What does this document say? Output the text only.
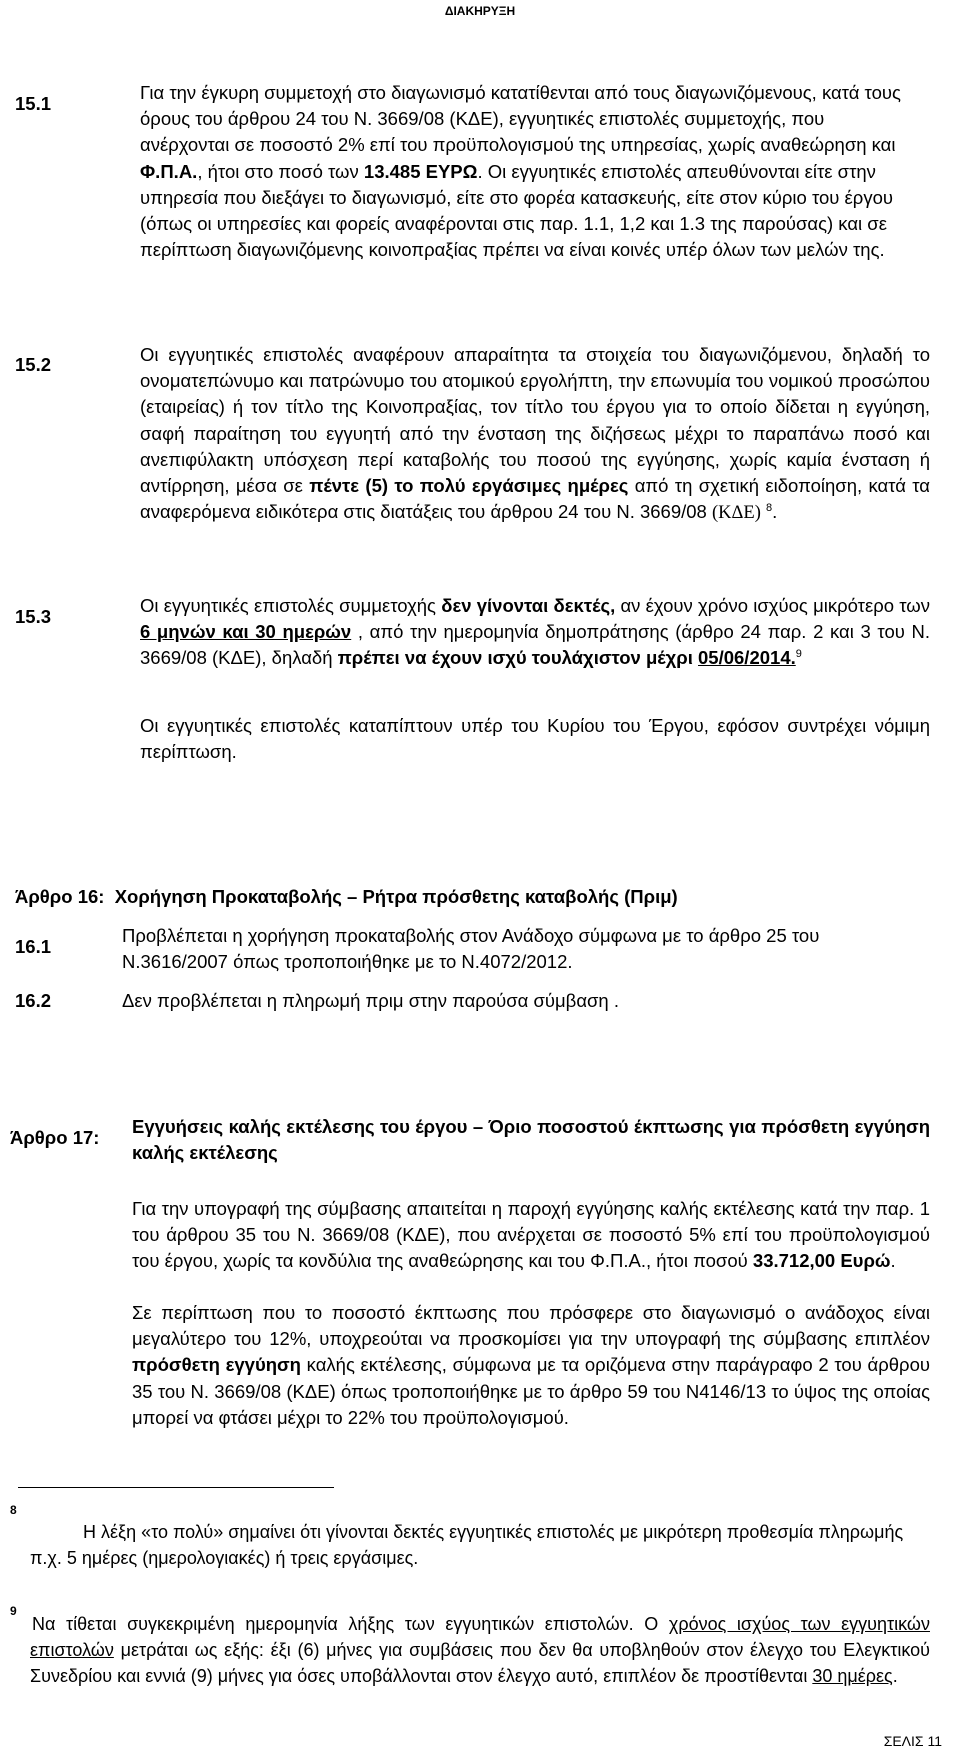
ΔΙΑΚΗΡΥΞΗ
15.1
Για την έγκυρη συμμετοχή στο διαγωνισμό κατατίθενται από τους διαγωνιζόμενους, κατά τους όρους του άρθρου 24 του Ν. 3669/08 (ΚΔΕ), εγγυητικές επιστολές συμμετοχής, που ανέρχονται σε ποσοστό 2% επί του προϋπολογισμού της υπηρεσίας, χωρίς αναθεώρηση και Φ.Π.Α., ήτοι στο ποσό των 13.485 ΕΥΡΩ. Οι εγγυητικές επιστολές απευθύνονται είτε στην υπηρεσία που διεξάγει το διαγωνισμό, είτε στο φορέα κατασκευής, είτε στον κύριο του έργου (όπως οι υπηρεσίες και φορείς αναφέρονται στις παρ. 1.1, 1,2 και 1.3 της παρούσας) και σε περίπτωση διαγωνιζόμενης κοινοπραξίας πρέπει να είναι κοινές υπέρ όλων των μελών της.
15.2	Οι εγγυητικές επιστολές αναφέρουν απαραίτητα τα στοιχεία του διαγωνιζόμενου, δηλαδή το ονοματεπώνυμο και πατρώνυμο του ατομικού εργολήπτη, την επωνυμία του νομικού προσώπου (εταιρείας) ή τον τίτλο της Κοινοπραξίας, τον τίτλο του έργου για το οποίο δίδεται η εγγύηση, σαφή παραίτηση του εγγυητή από την ένσταση της διζήσεως μέχρι το παραπάνω ποσό και ανεπιφύλακτη υπόσχεση περί καταβολής του ποσού της εγγύησης, χωρίς καμία ένσταση ή αντίρρηση, μέσα σε πέντε (5) το πολύ εργάσιμες ημέρες από τη σχετική ειδοποίηση, κατά τα αναφερόμενα ειδικότερα στις διατάξεις του άρθρου 24 του Ν. 3669/08 (ΚΔΕ) $^8$.
15.3
Οι εγγυητικές επιστολές συμμετοχής δεν γίνονται δεκτές, αν έχουν χρόνο ισχύος μικρότερο των 6 μηνών και 30 ημερών , από την ημερομηνία δημοπράτησης (άρθρο 24 παρ. 2 και 3 του Ν. 3669/08 (ΚΔΕ), δηλαδή πρέπει να έχουν ισχύ τουλάχιστον μέχρι 05/06/2014.$^9$
Οι εγγυητικές επιστολές καταπίπτουν υπέρ του Κυρίου του Έργου, εφόσον συντρέχει νόμιμη περίπτωση.
Άρθρο 16: Χορήγηση Προκαταβολής – Ρήτρα πρόσθετης καταβολής (Πριμ)
16.1
Προβλέπεται η χορήγηση προκαταβολής στον Ανάδοχο σύμφωνα με το άρθρο 25 του Ν.3616/2007 όπως τροποποιήθηκε με το Ν.4072/2012.
16.2	Δεν προβλέπεται η πληρωμή πριμ στην παρούσα σύμβαση .
Άρθρο 17:
Εγγυήσεις καλής εκτέλεσης του έργου – Όριο ποσοστού έκπτωσης για πρόσθετη εγγύηση καλής εκτέλεσης
Για την υπογραφή της σύμβασης απαιτείται η παροχή εγγύησης καλής εκτέλεσης κατά την παρ. 1 του άρθρου 35 του Ν. 3669/08 (ΚΔΕ), που ανέρχεται σε ποσοστό 5% επί του προϋπολογισμού του έργου, χωρίς τα κονδύλια της αναθεώρησης και του Φ.Π.Α., ήτοι ποσού 33.712,00 Ευρώ.
Σε περίπτωση που το ποσοστό έκπτωσης που πρόσφερε στο διαγωνισμό ο ανάδοχος είναι μεγαλύτερο του 12%, υποχρεούται να προσκομίσει για την υπογραφή της σύμβασης επιπλέον πρόσθετη εγγύηση καλής εκτέλεσης, σύμφωνα με τα οριζόμενα στην παράγραφο 2 του άρθρου 35 του Ν. 3669/08 (ΚΔΕ) όπως τροποποιήθηκε με το άρθρο 59 του Ν4146/13 το ύψος της οποίας μπορεί να φτάσει μέχρι το 22% του προϋπολογισμού.
8
Η λέξη «το πολύ» σημαίνει ότι γίνονται δεκτές εγγυητικές επιστολές με μικρότερη προθεσμία πληρωμής π.χ. 5 ημέρες (ημερολογιακές) ή τρεις εργάσιμες.
9
Να τίθεται συγκεκριμένη ημερομηνία λήξης των εγγυητικών επιστολών. Ο χρόνος ισχύος των εγγυητικών επιστολών μετράται ως εξής: έξι (6) μήνες για συμβάσεις που δεν θα υποβληθούν στον έλεγχο του Ελεγκτικού Συνεδρίου και εννιά (9) μήνες για όσες υποβάλλονται στον έλεγχο αυτό, επιπλέον δε προστίθενται 30 ημέρες.
ΣΕΛΙΣ 11
